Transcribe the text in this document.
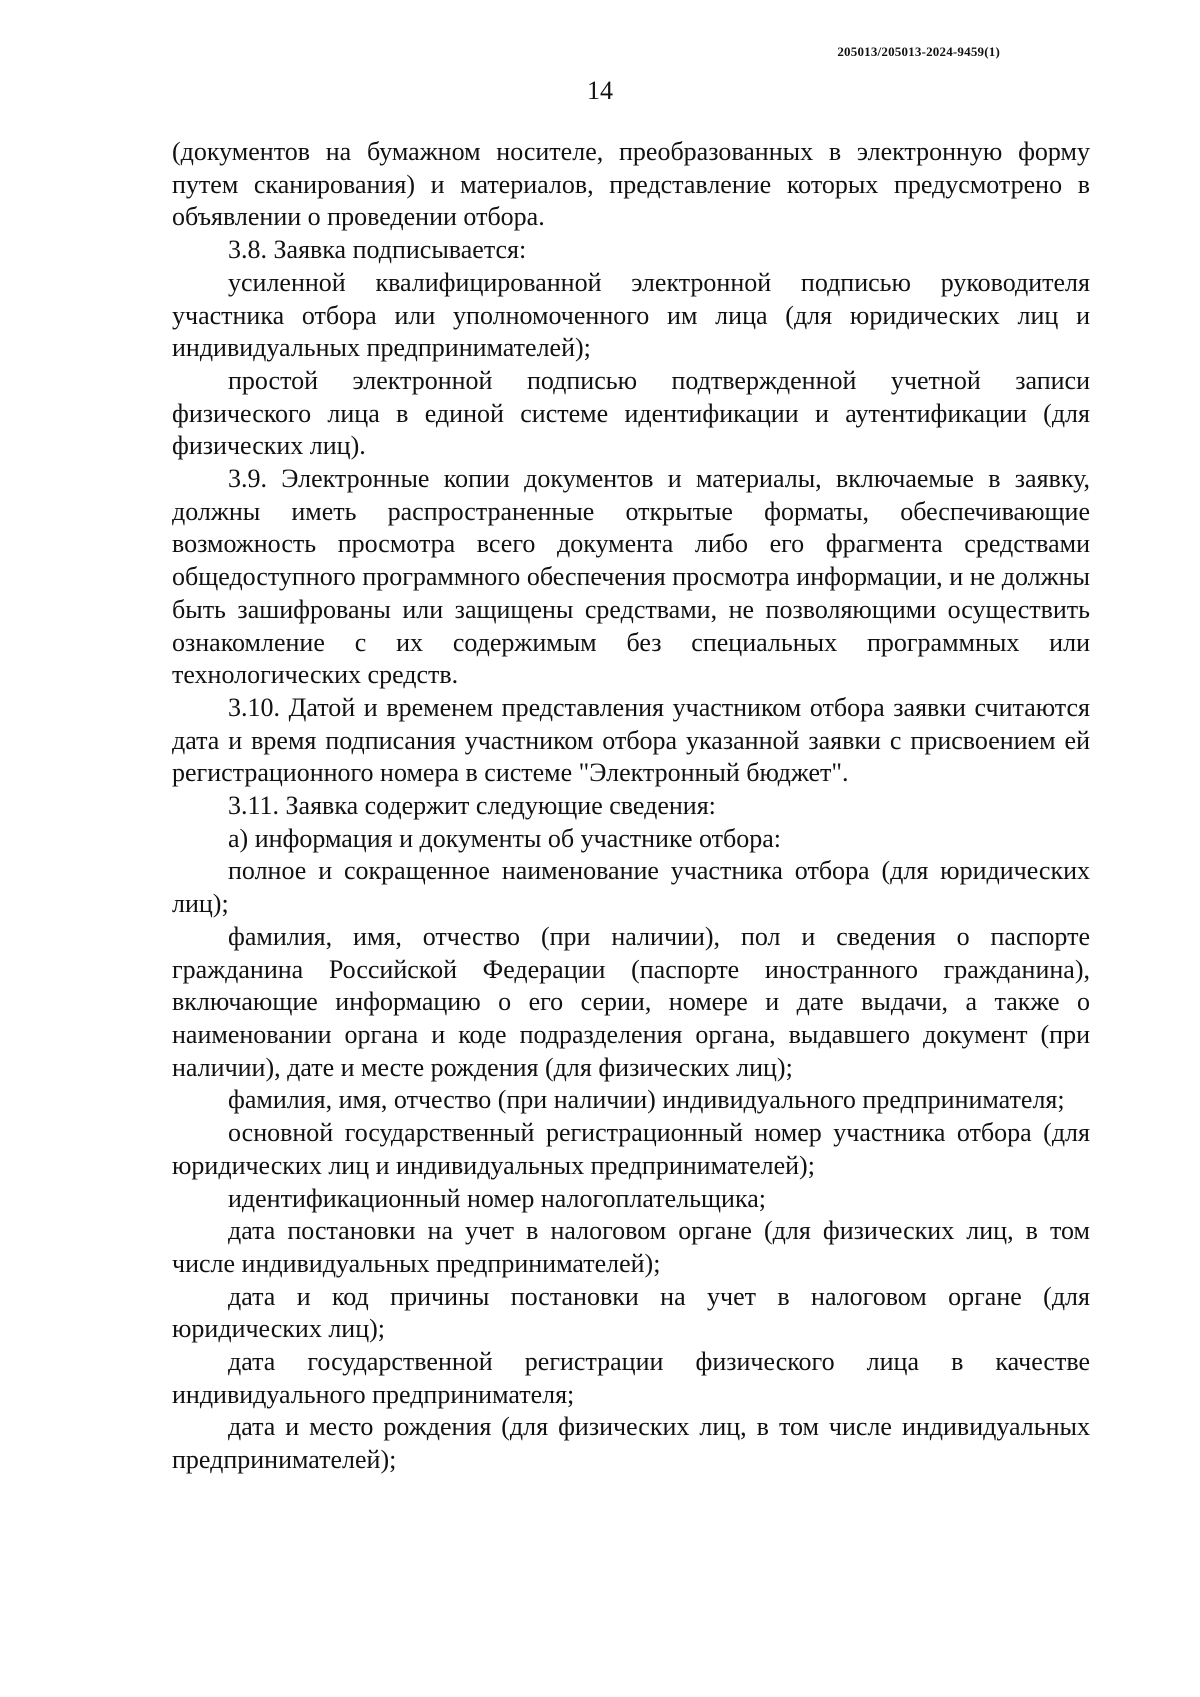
205013/205013-2024-9459(1)
14

(документов на бумажном носителе, преобразованных в электронную форму путем сканирования) и материалов, представление которых предусмотрено в объявлении о проведении отбора.

3.8. Заявка подписывается:

усиленной квалифицированной электронной подписью руководителя участника отбора или уполномоченного им лица (для юридических лиц и индивидуальных предпринимателей);

простой электронной подписью подтвержденной учетной записи физического лица в единой системе идентификации и аутентификации (для физических лиц).

3.9. Электронные копии документов и материалы, включаемые в заявку, должны иметь распространенные открытые форматы, обеспечивающие возможность просмотра всего документа либо его фрагмента средствами общедоступного программного обеспечения просмотра информации, и не должны быть зашифрованы или защищены средствами, не позволяющими осуществить ознакомление с их содержимым без специальных программных или технологических средств.

3.10. Датой и временем представления участником отбора заявки считаются дата и время подписания участником отбора указанной заявки с присвоением ей регистрационного номера в системе "Электронный бюджет".

3.11. Заявка содержит следующие сведения:

а) информация и документы об участнике отбора:

полное и сокращенное наименование участника отбора (для юридических лиц);

фамилия, имя, отчество (при наличии), пол и сведения о паспорте гражданина Российской Федерации (паспорте иностранного гражданина), включающие информацию о его серии, номере и дате выдачи, а также о наименовании органа и коде подразделения органа, выдавшего документ (при наличии), дате и месте рождения (для физических лиц);

фамилия, имя, отчество (при наличии) индивидуального предпринимателя;

основной государственный регистрационный номер участника отбора (для юридических лиц и индивидуальных предпринимателей);

идентификационный номер налогоплательщика;

дата постановки на учет в налоговом органе (для физических лиц, в том числе индивидуальных предпринимателей);

дата и код причины постановки на учет в налоговом органе (для юридических лиц);

дата государственной регистрации физического лица в качестве индивидуального предпринимателя;

дата и место рождения (для физических лиц, в том числе индивидуальных предпринимателей);
